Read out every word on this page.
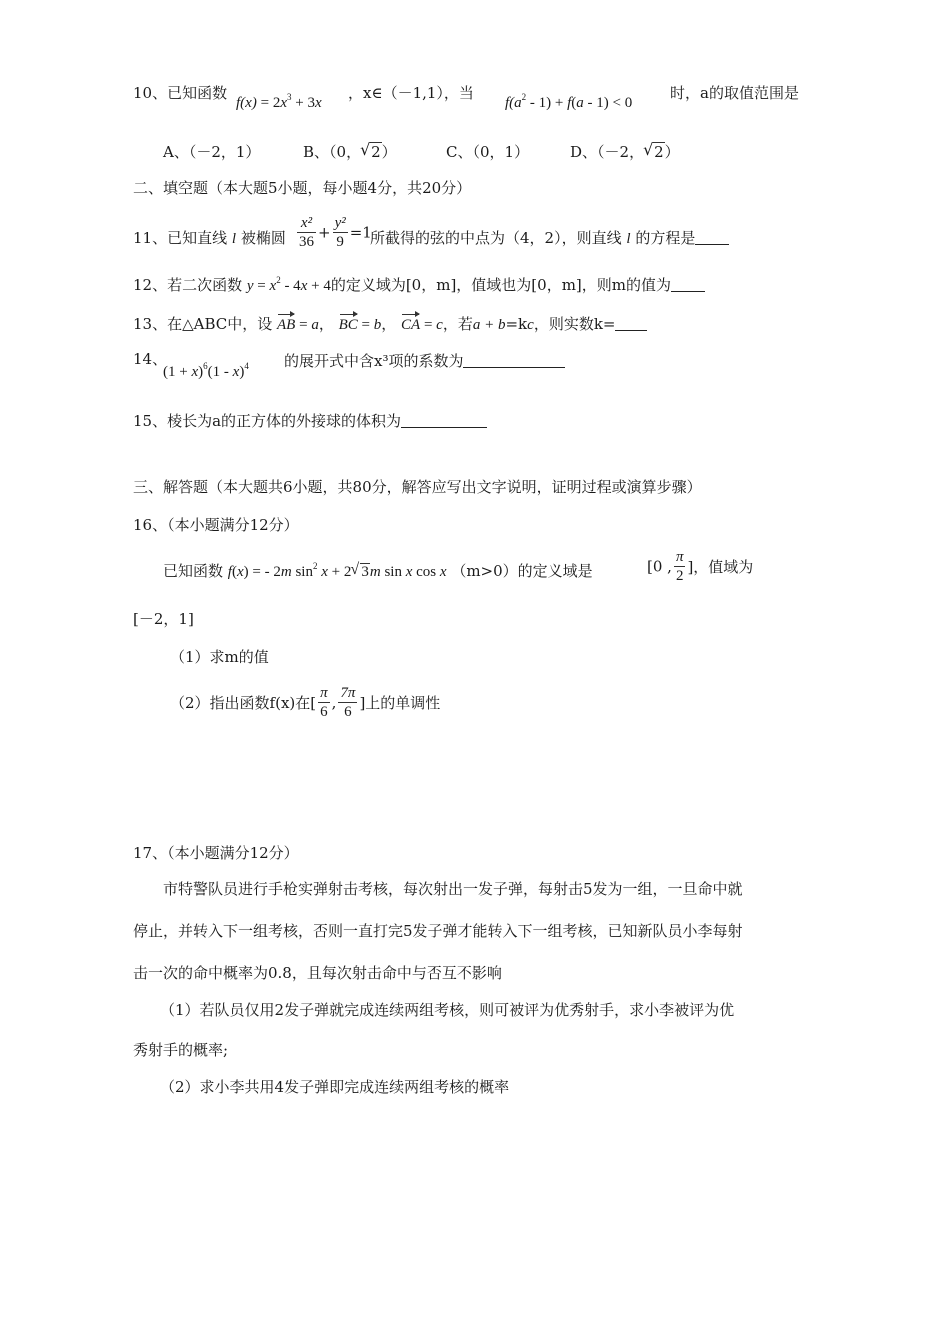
10、已知函数
$f(x) = 2x^3 + 3x$
，x∈（－1,1），当
$f(a^2 - 1) + f(a - 1) < 0$
时，a的取值范围是
A、（－2，1）	B、（0，√ 2）	C、（0，1）	D、（－2，√ 2）
二、填空题（本大题5小题，每小题4分，共20分）
11、已知直线 l 被椭圆 $\frac{\text{x²}}{36} + \frac{\text{y²}}{9} =1$
所截得的弦的中点为（4，2），则直线 l 的方程是
12、若二次函数 $y = x^2 - 4x + 4$的定义域为[0，m]，值域也为[0，m]，则m的值为
13、在△ABC中，设 AB = a， BC = b， CA = c，若a + b=kc，则实数k=
14、
$(1 + x)^6(1 - x)^4$ 的展开式中含x³项的系数为
15、棱长为a的正方体的外接球的体积为
三、解答题（本大题共6小题，共80分，解答应写出文字说明，证明过程或演算步骤）
16、（本小题满分12分）
已知函数 f(x) = - 2m $\sin^2 x + 2√$ 3m sin x cos x （m>0）的定义域是	[0 , $\frac{\pi}{2}$ ]，值域为
[－2，1]
（1）求m的值
（2）指出函数f(x)在[ $\frac{\pi}{6}$ , $\frac{7\pi}{6}$ ]上的单调性
17、（本小题满分12分）
市特警队员进行手枪实弹射击考核，每次射出一发子弹，每射击5发为一组，一旦命中就
停止，并转入下一组考核，否则一直打完5发子弹才能转入下一组考核，已知新队员小李每射
击一次的命中概率为0.8，且每次射击命中与否互不影响
（1）若队员仅用2发子弹就完成连续两组考核，则可被评为优秀射手，求小李被评为优
秀射手的概率;
（2）求小李共用4发子弹即完成连续两组考核的概率
